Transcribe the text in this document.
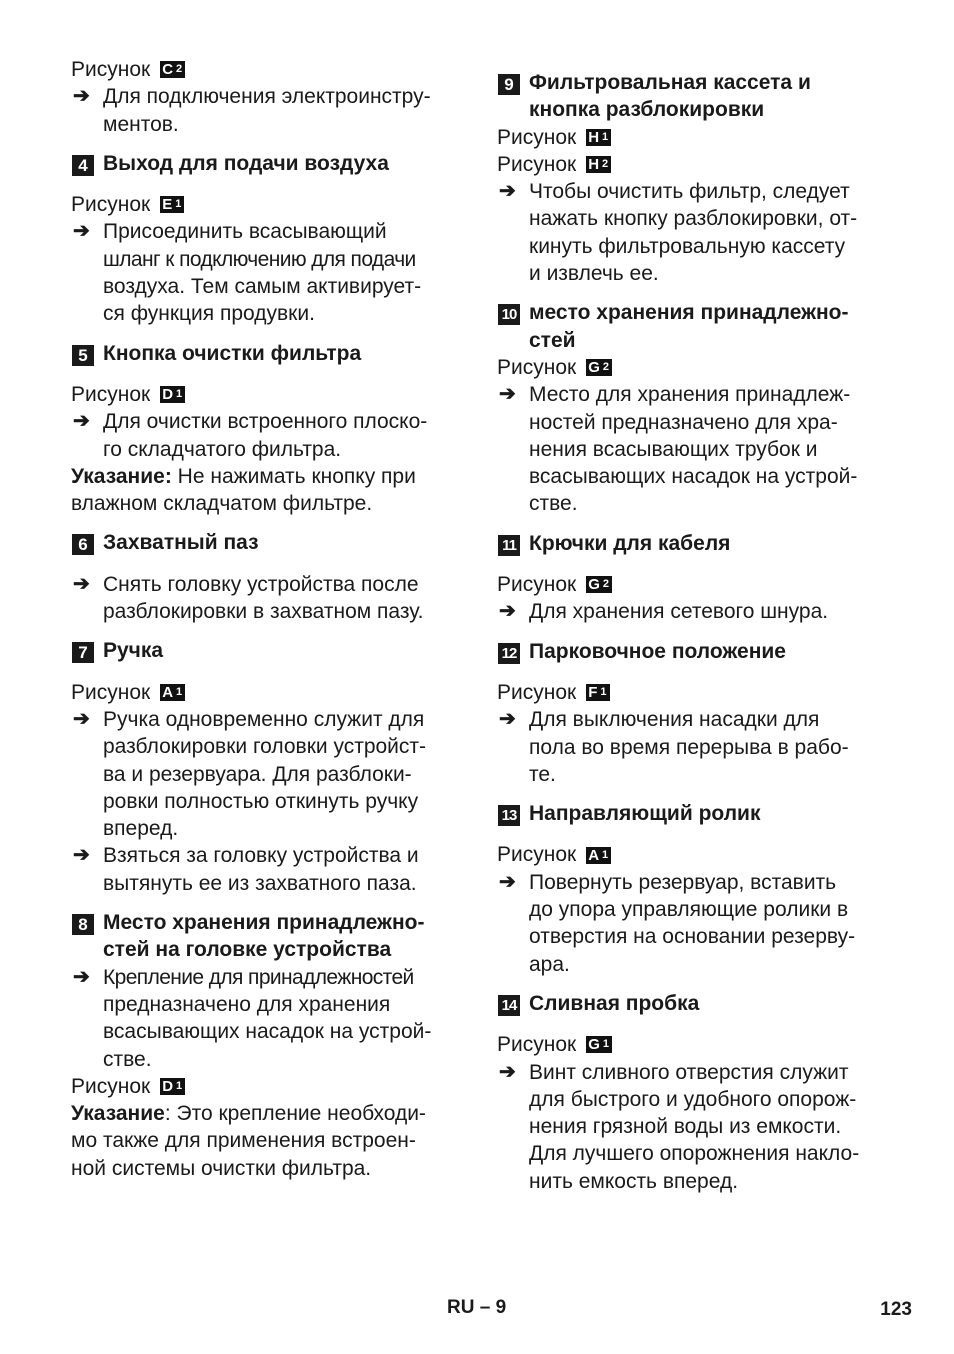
Рисунок C 2
➔ Для подключения электроинстру-
ментов.
4 Выход для подачи воздуха
Рисунок E 1
➔ Присоединить всасывающий
шланг к подключению для подачи
воздуха. Тем самым активирует-
ся функция продувки.
5 Кнопка очистки фильтра
Рисунок D 1
➔ Для очистки встроенного плоско-
го складчатого фильтра.
Указание: Не нажимать кнопку при
влажном складчатом фильтре.
6 Захватный паз
➔ Снять головку устройства после
разблокировки в захватном пазу.
7 Ручка
Рисунок A 1
➔ Ручка одновременно служит для
разблокировки головки устройст-
ва и резервуара. Для разблоки-
ровки полностью откинуть ручку
вперед.
➔ Взяться за головку устройства и
вытянуть ее из захватного паза.
8 Место хранения принадлежно-
стей на головке устройства
➔ Крепление для принадлежностей
предназначено для хранения
всасывающих насадок на устрой-
стве.
Рисунок D 1
Указание: Это крепление необходи-
мо также для применения встроен-
ной системы очистки фильтра.
9 Фильтровальная кассета и
кнопка разблокировки
Рисунок H 1
Рисунок H 2
➔ Чтобы очистить фильтр, следует
нажать кнопку разблокировки, от-
кинуть фильтровальную кассету
и извлечь ее.
10 место хранения принадлежно-
стей
Рисунок G 2
➔ Место для хранения принадлеж-
ностей предназначено для хра-
нения всасывающих трубок и
всасывающих насадок на устрой-
стве.
11 Крючки для кабеля
Рисунок G 2
➔ Для хранения сетевого шнура.
12 Парковочное положение
Рисунок F 1
➔ Для выключения насадки для
пола во время перерыва в рабо-
те.
13 Направляющий ролик
Рисунок A 1
➔ Повернуть резервуар, вставить
до упора управляющие ролики в
отверстия на основании резерву-
ара.
14 Сливная пробка
Рисунок G 1
➔ Винт сливного отверстия служит
для быстрого и удобного опорож-
нения грязной воды из емкости.
Для лучшего опорожнения накло-
нить емкость вперед.
RU – 9	123
